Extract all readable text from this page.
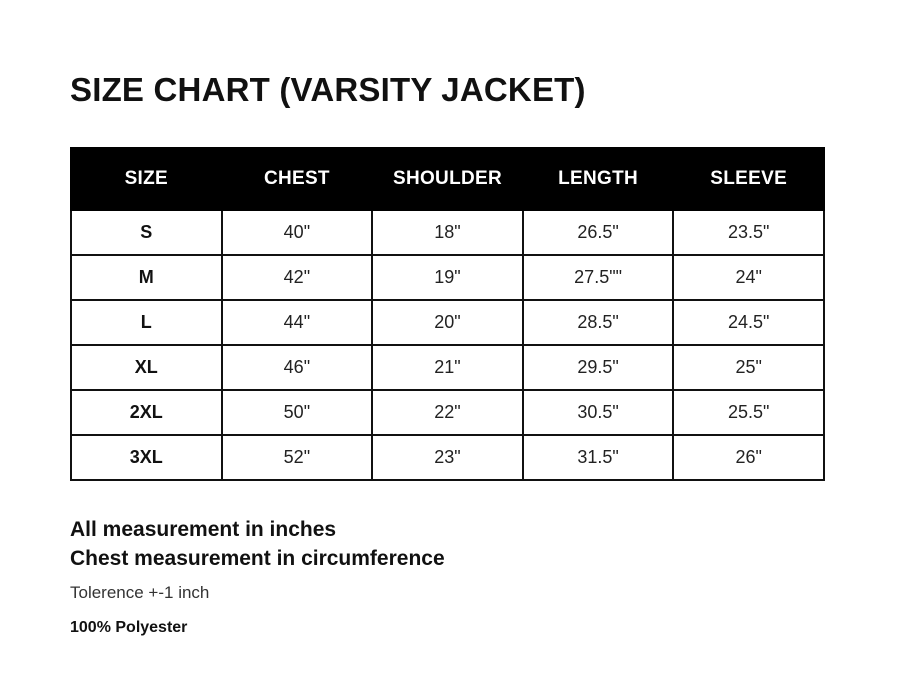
SIZE CHART (VARSITY JACKET)
SIZE	CHEST	SHOULDER	LENGTH	SLEEVE
S	40"	18"	26.5"	23.5"
M	42"	19"	27.5""	24"
L	44"	20"	28.5"	24.5"
XL	46"	21"	29.5"	25"
2XL	50"	22"	30.5"	25.5"
3XL	52"	23"	31.5"	26"
All measurement in inches
Chest measurement in circumference
Tolerence +-1 inch
100% Polyester
